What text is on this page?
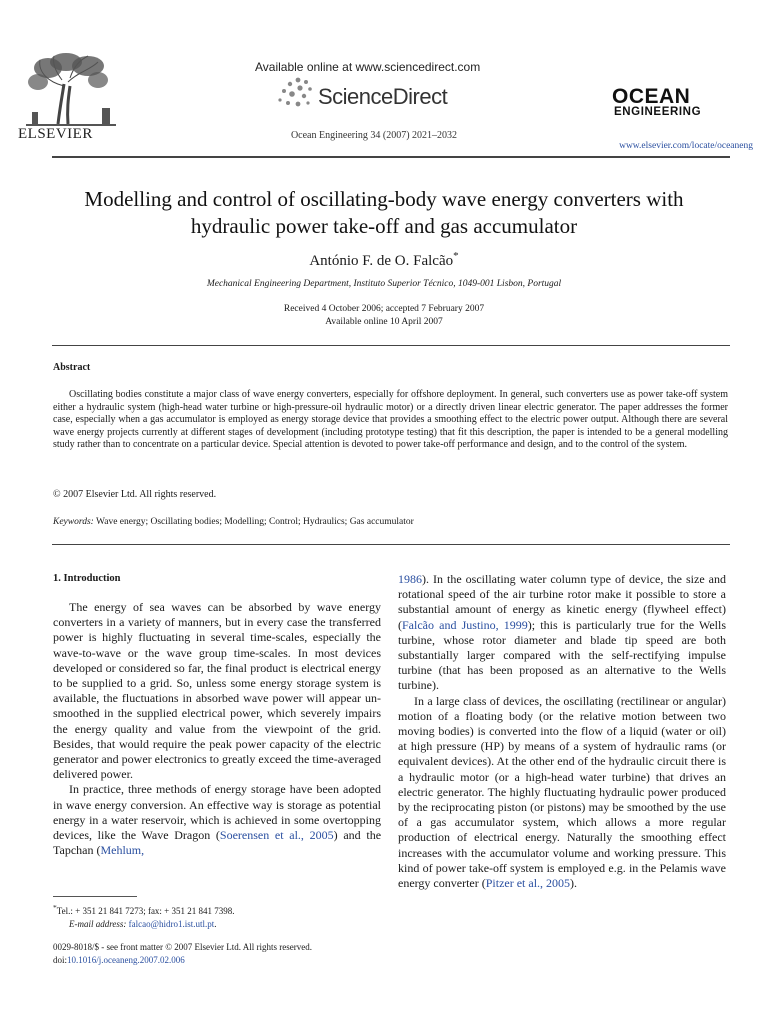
ELSEVIER
Available online at www.sciencedirect.com
ScienceDirect
Ocean Engineering 34 (2007) 2021–2032
OCEAN
ENGINEERING
www.elsevier.com/locate/oceaneng
Modelling and control of oscillating-body wave energy converters with hydraulic power take-off and gas accumulator
António F. de O. Falcão*
Mechanical Engineering Department, Instituto Superior Técnico, 1049-001 Lisbon, Portugal
Received 4 October 2006; accepted 7 February 2007
Available online 10 April 2007
Abstract

Oscillating bodies constitute a major class of wave energy converters, especially for offshore deployment. In general, such converters use as power take-off system either a hydraulic system (high-head water turbine or high-pressure-oil hydraulic motor) or a directly driven linear electric generator. The paper addresses the former case, especially when a gas accumulator is employed as energy storage device that provides a smoothing effect to the electric power output. Although there are several wave energy projects currently at different stages of development (including prototype testing) that fit this description, the paper is intended to be a general modelling study rather than to concentrate on a particular device. Special attention is devoted to power take-off performance and design, and to the control of the system.

© 2007 Elsevier Ltd. All rights reserved.
Keywords: Wave energy; Oscillating bodies; Modelling; Control; Hydraulics; Gas accumulator
1. Introduction

The energy of sea waves can be absorbed by wave energy converters in a variety of manners, but in every case the transferred power is highly fluctuating in several time-scales, especially the wave-to-wave or the wave group time-scales. In most devices developed or considered so far, the final product is electrical energy to be supplied to a grid. So, unless some energy storage system is available, the fluctuations in absorbed wave power will appear un-smoothed in the supplied electrical power, which severely impairs the energy quality and value from the viewpoint of the grid. Besides, that would require the peak power capacity of the electric generator and power electronics to greatly exceed the time-averaged delivered power.

In practice, three methods of energy storage have been adopted in wave energy conversion. An effective way is storage as potential energy in a water reservoir, which is achieved in some overtopping devices, like the Wave Dragon (Soerensen et al., 2005) and the Tapchan (Mehlum,

1986). In the oscillating water column type of device, the size and rotational speed of the air turbine rotor make it possible to store a substantial amount of energy as kinetic energy (flywheel effect) (Falcão and Justino, 1999); this is particularly true for the Wells turbine, whose rotor diameter and blade tip speed are both substantially larger compared with the self-rectifying impulse turbine (that has been proposed as an alternative to the Wells turbine).

In a large class of devices, the oscillating (rectilinear or angular) motion of a floating body (or the relative motion between two moving bodies) is converted into the flow of a liquid (water or oil) at high pressure (HP) by means of a system of hydraulic rams (or equivalent devices). At the other end of the hydraulic circuit there is a hydraulic motor (or a high-head water turbine) that drives an electric generator. The highly fluctuating hydraulic power produced by the reciprocating piston (or pistons) may be smoothed by the use of a gas accumulator system, which allows a more regular production of electrical energy. Naturally the smoothing effect increases with the accumulator volume and working pressure. This kind of power take-off system is employed e.g. in the Pelamis wave energy converter (Pitzer et al., 2005).

*Tel.: + 351 21 841 7273; fax: + 351 21 841 7398.
E-mail address: falcao@hidro1.ist.utl.pt.
0029-8018/$ - see front matter © 2007 Elsevier Ltd. All rights reserved.
doi:10.1016/j.oceaneng.2007.02.006
